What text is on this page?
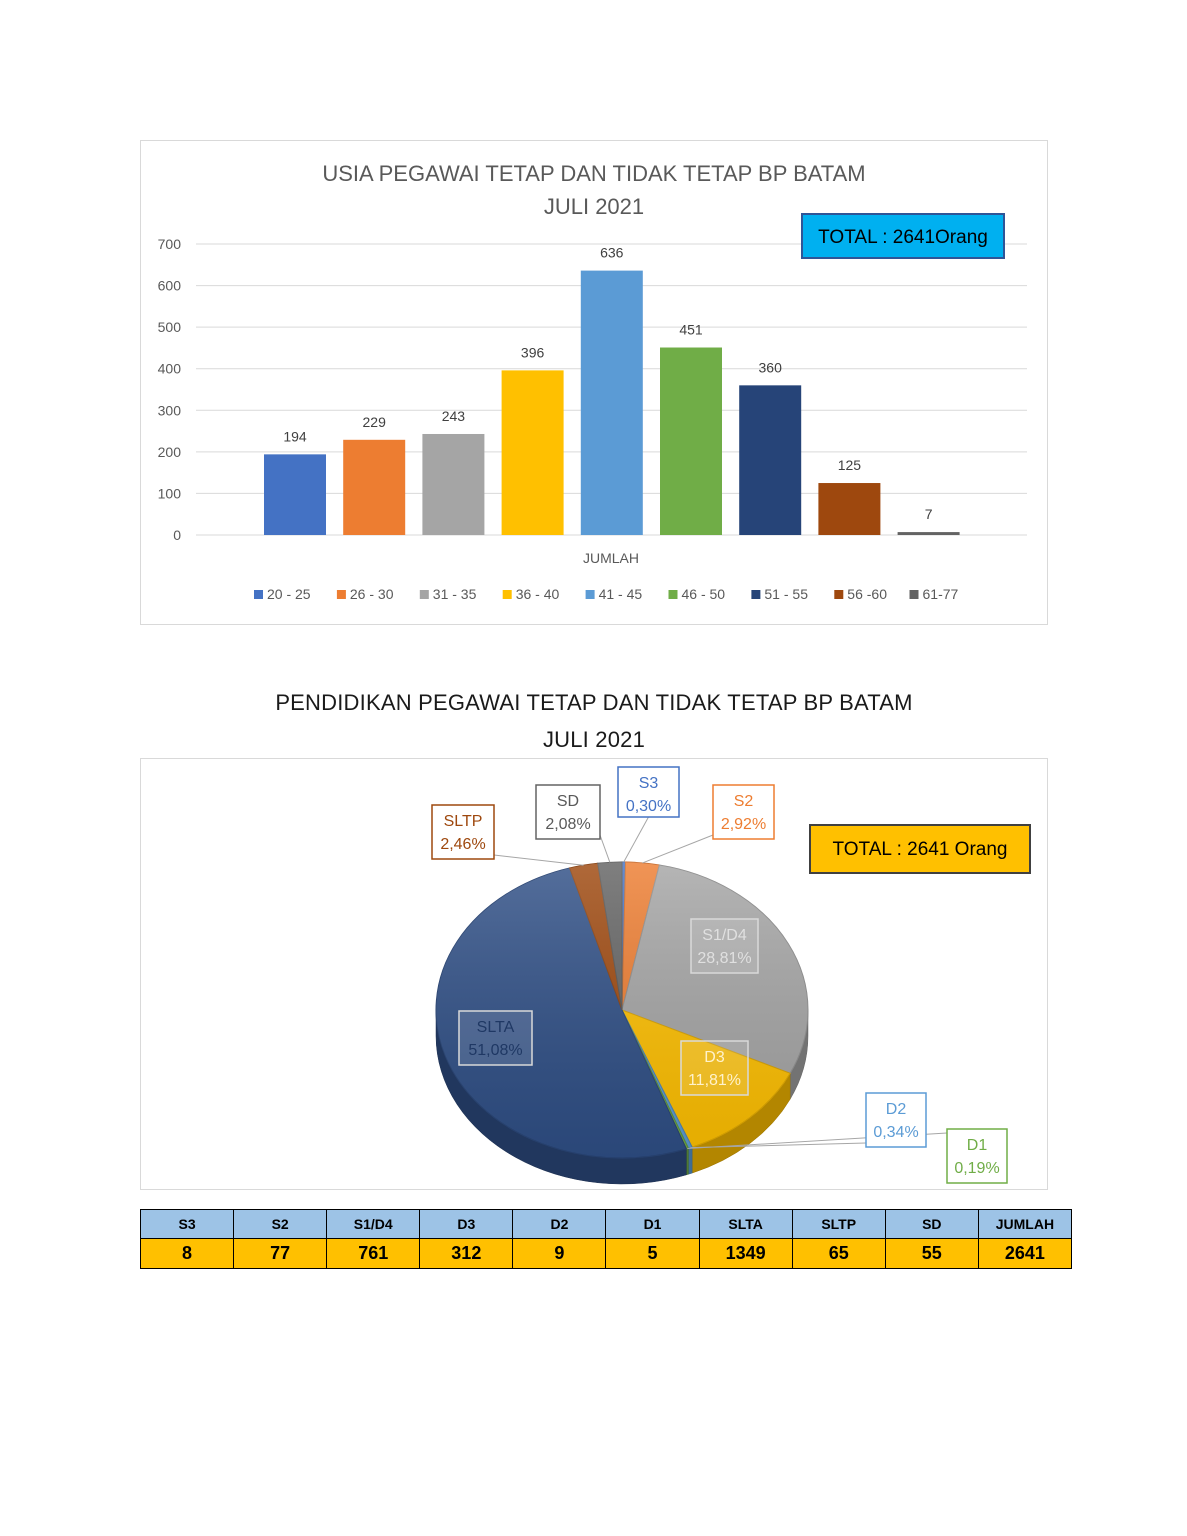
USIA PEGAWAI TETAP DAN TIDAK TETAP BP BATAM
JULI 2021
0
100
200
300
400
500
600
700
194
229	243
396
636
451
360
125
7
JUMLAH
20 - 25	26 - 30	31 - 35	36 - 40	41 - 45	46 - 50	51 - 55	56 -60	61-77
TOTAL : 2641Orang
PENDIDIKAN PEGAWAI TETAP DAN TIDAK TETAP BP BATAM
JULI 2021
S3
0,30%	S2
2,92%
S1/D4
28,81%
D3
11,81%
D2
0,34%
D1
0,19%
SLTA
51,08%
SLTP
2,46%
SD
2,08%
TOTAL : 2641 Orang
S3	S2	S1/D4	D3	D2	D1	SLTA	SLTP	SD	JUMLAH
8	77	761	312	9	5	1349	65	55	2641
